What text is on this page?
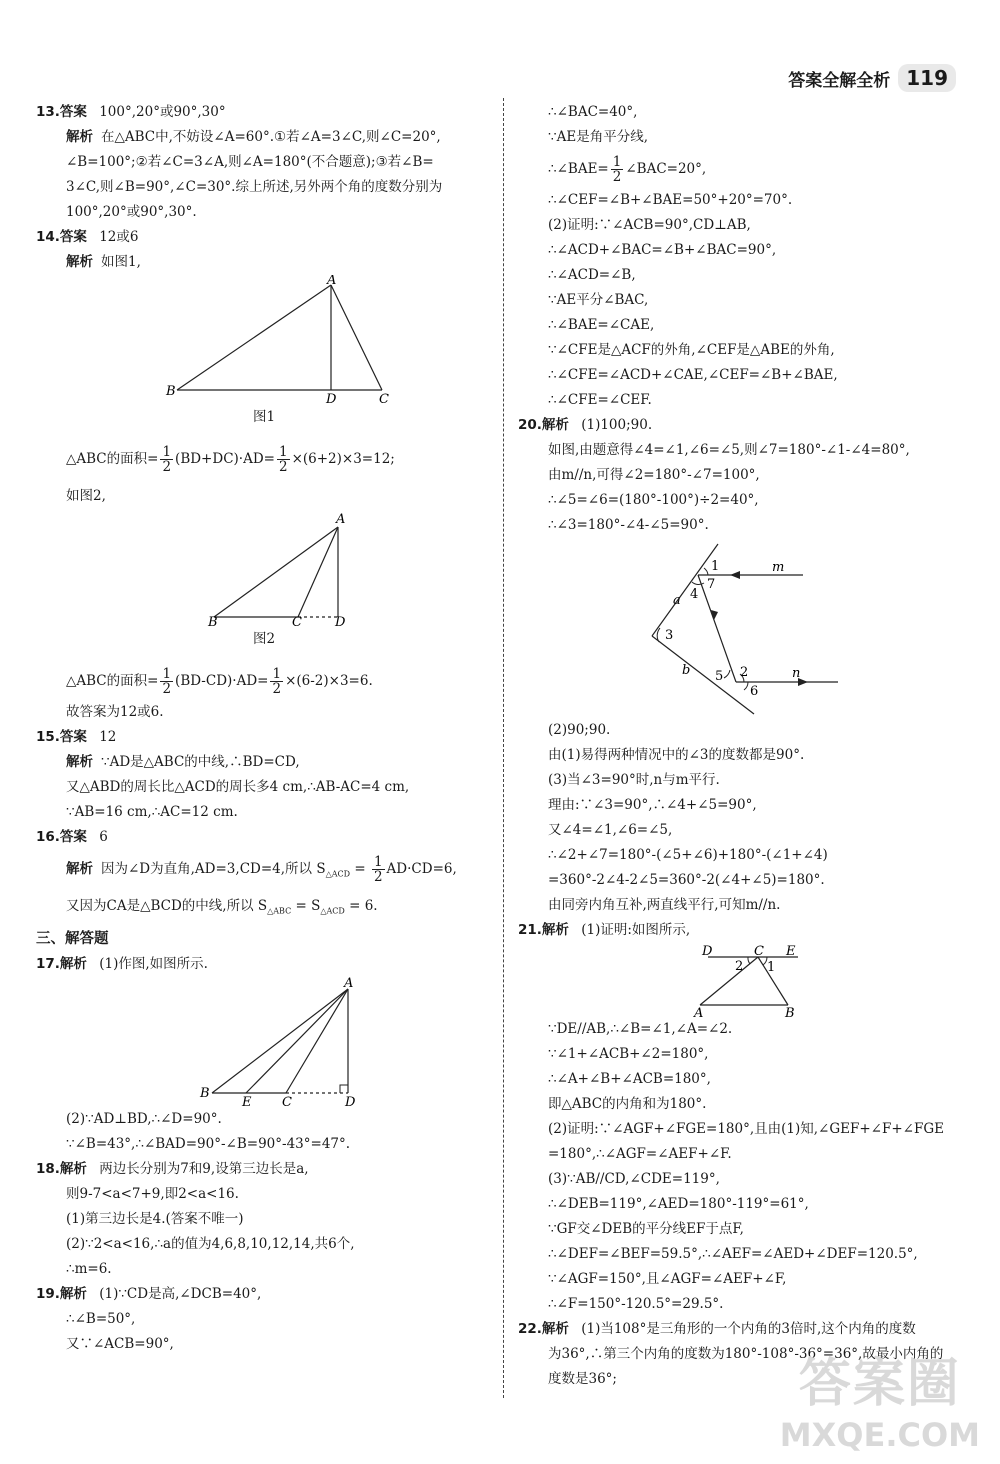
答案全解全析 119
13.答案 100°,20°或90°,30°
解析 在△ABC中,不妨设∠A=60°.①若∠A=3∠C,则∠C=20°,
∠B=100°;②若∠C=3∠A,则∠A=180°(不合题意);③若∠B=
3∠C,则∠B=90°,∠C=30°.综上所述,另外两个角的度数分别为
100°,20°或90°,30°.
14.答案 12或6
解析 如图1,
A
B
D	C
图1
△ABC的面积= $\frac{1}{2} (BD+DC)\cdot AD= \frac{1}{2} \times(6+2)\times 3=12$;
如图2,
A
B	C	D
图2
△ABC的面积= $\frac{1}{2} (BD-CD)\cdot AD= \frac{1}{2} \times(6-2)\times 3=6$.
故答案为12或6.
15.答案 12
解析 ∵AD是△ABC的中线,∴BD=CD,
又△ABD的周长比△ACD的周长多4 cm,∴AB-AC=4 cm,
∵AB=16 cm,∴AC=12 cm.
16.答案 6
解析 因为∠D为直角,AD=3,CD=4,所以 $S_{\triangle ACD} = \frac{1}{2} AD\cdot CD=6$,
又因为CA是△BCD的中线,所以 $S_{\triangle ABC} = S_{\triangle ACD} = 6$.
三、解答题
17.解析 (1)作图,如图所示.
A
B
E C	D
(2)∵AD⊥BD,∴∠D=90°.
∵∠B=43°,∴∠BAD=90°-∠B=90°-43°=47°.
18.解析 两边长分别为7和9,设第三边长是a,
则9-7<a<7+9,即2<a<16.
(1)第三边长是4.(答案不唯一)
(2)∵2<a<16,∴a的值为4,6,8,10,12,14,共6个,
∴m=6.
19.解析 (1)∵CD是高,∠DCB=40°,
∴∠B=50°,
又∵∠ACB=90°,
∴∠BAC=40°,
∵AE是角平分线,
∴∠BAE= $\frac{1}{2}$ ∠BAC=20°,
∴∠CEF=∠B+∠BAE=50°+20°=70°.
(2)证明:∵∠ACB=90°,CD⊥AB,
∴∠ACD+∠BAC=∠B+∠BAC=90°,
∴∠ACD=∠B,
∵AE平分∠BAC,
∴∠BAE=∠CAE,
∵∠CFE是△ACF的外角,∠CEF是△ABE的外角,
∴∠CFE=∠ACD+∠CAE,∠CEF=∠B+∠BAE,
∴∠CFE=∠CEF.
20.解析 (1)100;90.
如图,由题意得∠4=∠1,∠6=∠5,则∠7=180°-∠1-∠4=80°,
由m//n,可得∠2=180°-∠7=100°,
∴∠5=∠6=(180°-100°)÷2=40°,
∴∠3=180°-∠4-∠5=90°.
1
7
4
3
5 2
6
a
b
m
n
(2)90;90.
由(1)易得两种情况中的∠3的度数都是90°.
(3)当∠3=90°时,n与m平行.
理由:∵∠3=90°,∴∠4+∠5=90°,
又∠4=∠1,∠6=∠5,
∴∠2+∠7=180°-(∠5+∠6)+180°-(∠1+∠4)
=360°-2∠4-2∠5=360°-2(∠4+∠5)=180°.
由同旁内角互补,两直线平行,可知m//n.
21.解析 (1)证明:如图所示,
D	C E
A	B
2 1
∵DE//AB,∴∠B=∠1,∠A=∠2.
∵∠1+∠ACB+∠2=180°,
∴∠A+∠B+∠ACB=180°,
即△ABC的内角和为180°.
(2)证明:∵∠AGF+∠FGE=180°,且由(1)知,∠GEF+∠F+∠FGE
=180°,∴∠AGF=∠AEF+∠F.
(3)∵AB//CD,∠CDE=119°,
∴∠DEB=119°,∠AED=180°-119°=61°,
∵GF交∠DEB的平分线EF于点F,
∴∠DEF=∠BEF=59.5°,∴∠AEF=∠AED+∠DEF=120.5°,
∵∠AGF=150°,且∠AGF=∠AEF+∠F,
∴∠F=150°-120.5°=29.5°.
22.解析 (1)当108°是三角形的一个内角的3倍时,这个内角的度数
为36°,∴第三个内角的度数为180°-108°-36°=36°,故最小内角的
度数是36°;	答案圈
MXQE.COM
